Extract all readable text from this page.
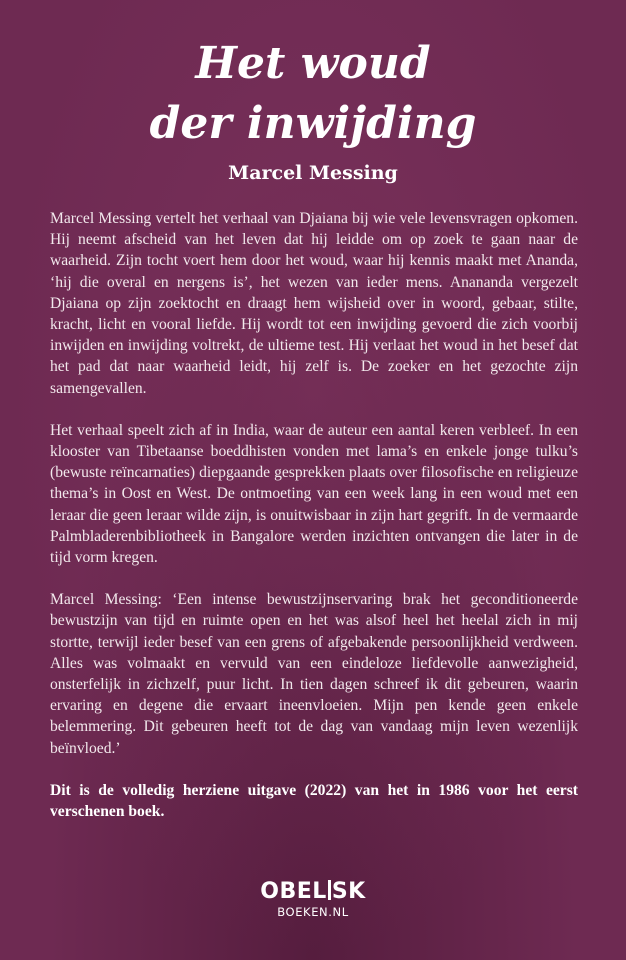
Het woud
der inwijding
Marcel Messing

Marcel Messing vertelt het verhaal van Djaiana bij wie vele levensvragen opkomen. Hij neemt afscheid van het leven dat hij leidde om op zoek te gaan naar de waarheid. Zijn tocht voert hem door het woud, waar hij kennis maakt met Ananda, ‘hij die overal en nergens is’, het wezen van ieder mens. Anananda vergezelt Djaiana op zijn zoektocht en draagt hem wijsheid over in woord, gebaar, stilte, kracht, licht en vooral liefde. Hij wordt tot een inwijding gevoerd die zich voorbij inwijden en inwijding voltrekt, de ultieme test. Hij verlaat het woud in het besef dat het pad dat naar waarheid leidt, hij zelf is. De zoeker en het gezochte zijn samengevallen.

Het verhaal speelt zich af in India, waar de auteur een aantal keren verbleef. In een klooster van Tibetaanse boeddhisten vonden met lama’s en enkele jonge tulku’s (bewuste reïncarnaties) diepgaande gesprekken plaats over filosofische en religieuze thema’s in Oost en West. De ontmoeting van een week lang in een woud met een leraar die geen leraar wilde zijn, is onuitwisbaar in zijn hart gegrift. In de vermaarde Palmbladerenbibliotheek in Bangalore werden inzichten ontvangen die later in de tijd vorm kregen.

Marcel Messing: ‘Een intense bewustzijnservaring brak het geconditioneerde bewustzijn van tijd en ruimte open en het was alsof heel het heelal zich in mij stortte, terwijl ieder besef van een grens of afgebakende persoonlijkheid verdween. Alles was volmaakt en vervuld van een eindeloze liefdevolle aanwezigheid, onsterfelijk in zichzelf, puur licht. In tien dagen schreef ik dit gebeuren, waarin ervaring en degene die ervaart ineenvloeien. Mijn pen kende geen enkele belemmering. Dit gebeuren heeft tot de dag van vandaag mijn leven wezenlijk beïnvloed.’

Dit is de volledig herziene uitgave (2022) van het in 1986 voor het eerst verschenen boek.

OBEL SK
BOEKEN.NL
